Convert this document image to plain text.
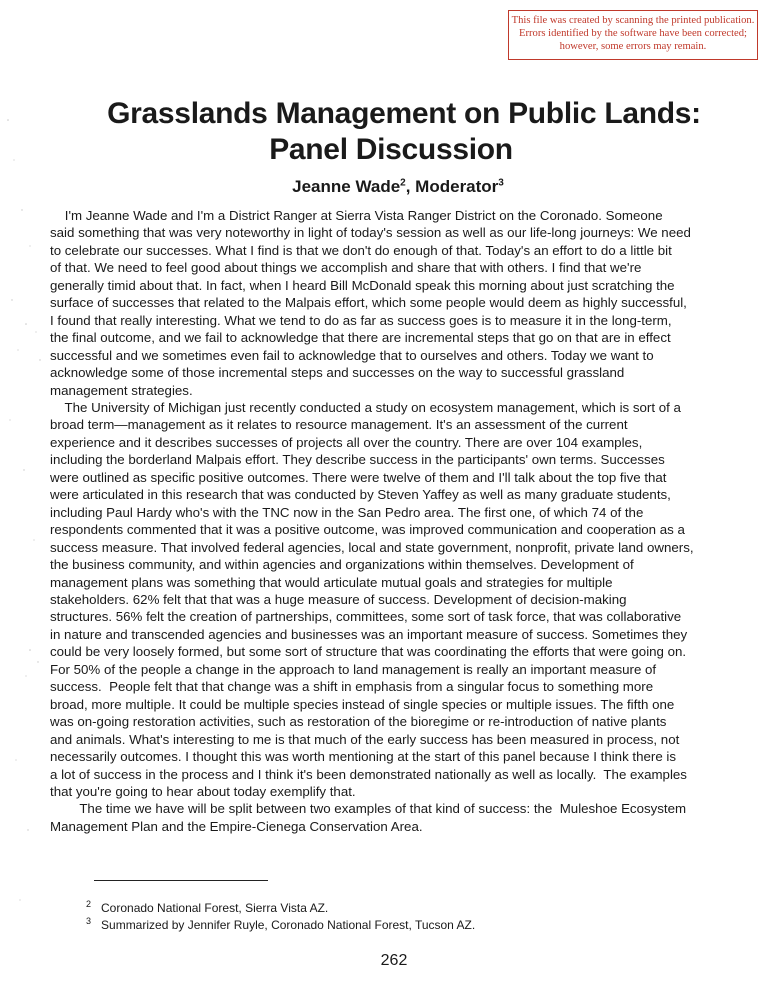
This file was created by scanning the printed publication.
Errors identified by the software have been corrected;
however, some errors may remain.
Grasslands Management on Public Lands:
Panel Discussion
Jeanne Wade$^2$, Moderator$^3$
I'm Jeanne Wade and I'm a District Ranger at Sierra Vista Ranger District on the Coronado. Someone
said something that was very noteworthy in light of today's session as well as our life-long journeys: We need
to celebrate our successes. What I find is that we don't do enough of that. Today's an effort to do a little bit
of that. We need to feel good about things we accomplish and share that with others. I find that we're
generally timid about that. In fact, when I heard Bill McDonald speak this morning about just scratching the
surface of successes that related to the Malpais effort, which some people would deem as highly successful,
I found that really interesting. What we tend to do as far as success goes is to measure it in the long-term,
the final outcome, and we fail to acknowledge that there are incremental steps that go on that are in effect
successful and we sometimes even fail to acknowledge that to ourselves and others. Today we want to
acknowledge some of those incremental steps and successes on the way to successful grassland
management strategies.
The University of Michigan just recently conducted a study on ecosystem management, which is sort of a
broad term—management as it relates to resource management. It's an assessment of the current
experience and it describes successes of projects all over the country. There are over 104 examples,
including the borderland Malpais effort. They describe success in the participants' own terms. Successes
were outlined as specific positive outcomes. There were twelve of them and I'll talk about the top five that
were articulated in this research that was conducted by Steven Yaffey as well as many graduate students,
including Paul Hardy who's with the TNC now in the San Pedro area. The first one, of which 74 of the
respondents commented that it was a positive outcome, was improved communication and cooperation as a
success measure. That involved federal agencies, local and state government, nonprofit, private land owners,
the business community, and within agencies and organizations within themselves. Development of
management plans was something that would articulate mutual goals and strategies for multiple
stakeholders. 62% felt that that was a huge measure of success. Development of decision-making
structures. 56% felt the creation of partnerships, committees, some sort of task force, that was collaborative
in nature and transcended agencies and businesses was an important measure of success. Sometimes they
could be very loosely formed, but some sort of structure that was coordinating the efforts that were going on.
For 50% of the people a change in the approach to land management is really an important measure of
success.  People felt that that change was a shift in emphasis from a singular focus to something more
broad, more multiple. It could be multiple species instead of single species or multiple issues. The fifth one
was on-going restoration activities, such as restoration of the bioregime or re-introduction of native plants
and animals. What's interesting to me is that much of the early success has been measured in process, not
necessarily outcomes. I thought this was worth mentioning at the start of this panel because I think there is
a lot of success in the process and I think it's been demonstrated nationally as well as locally.  The examples
that you're going to hear about today exemplify that.
The time we have will be split between two examples of that kind of success: the  Muleshoe Ecosystem
Management Plan and the Empire-Cienega Conservation Area.
$^2$ Coronado National Forest, Sierra Vista AZ.
$^3$ Summarized by Jennifer Ruyle, Coronado National Forest, Tucson AZ.
262
